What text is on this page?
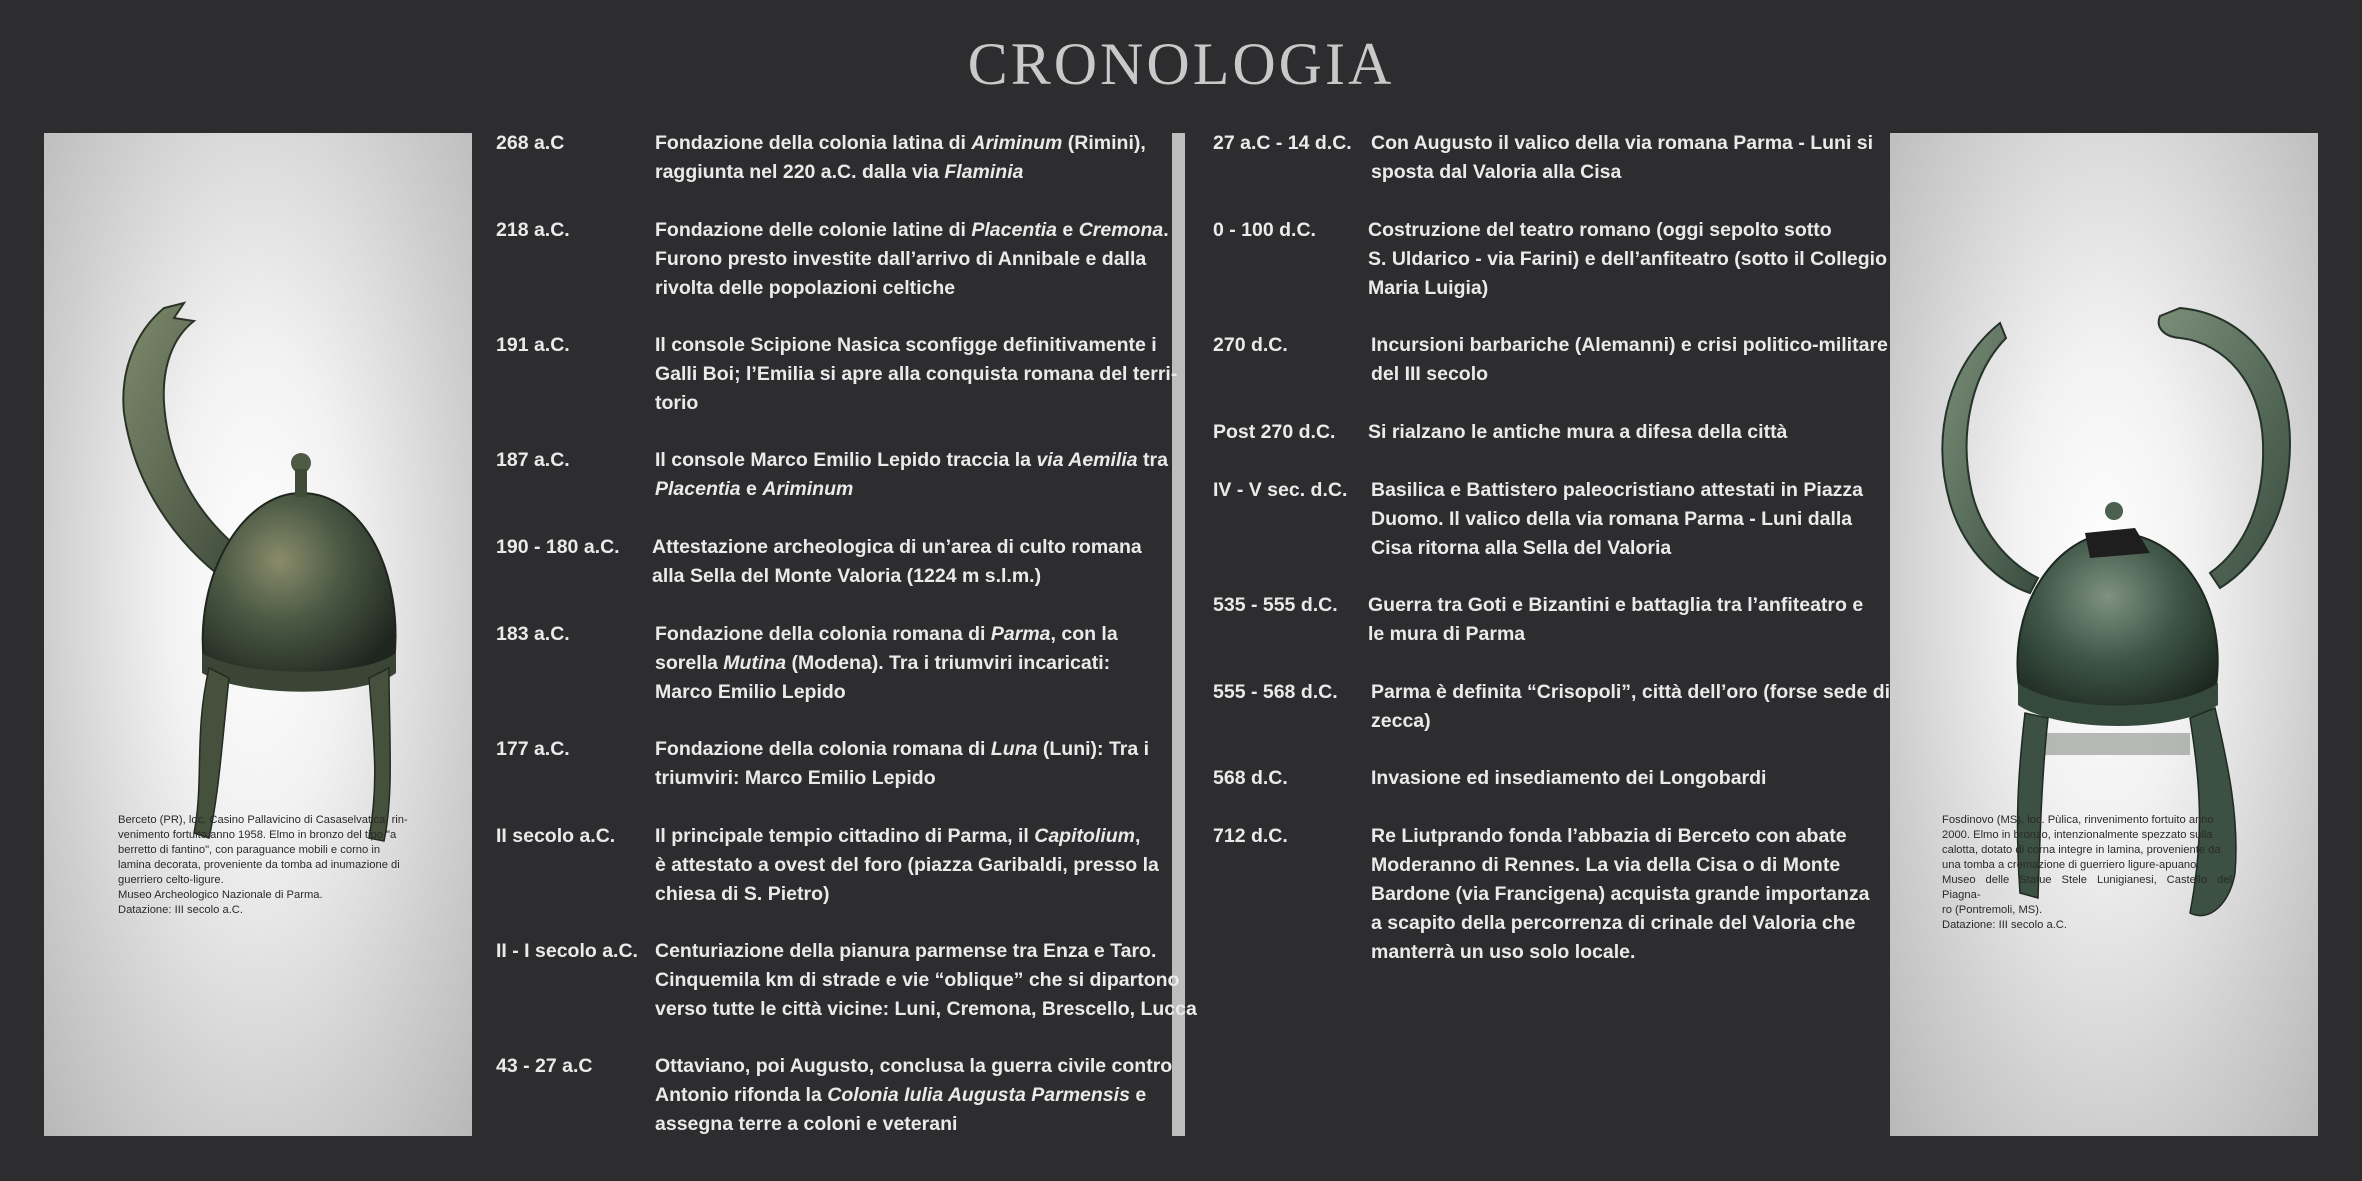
CRONOLOGIA
Berceto (PR), loc. Casino Pallavicino di Casaselvatica, rin-
venimento fortuito anno 1958. Elmo in bronzo del tipo "a
berretto di fantino", con paraguance mobili e corno in
lamina decorata, proveniente da tomba ad inumazione di
guerriero celto-ligure.
Museo Archeologico Nazionale di Parma.
Datazione: III secolo a.C.
Fosdinovo (MS), loc. Pùlica, rinvenimento fortuito anno
2000. Elmo in bronzo, intenzionalmente spezzato sulla
calotta, dotato di corna integre in lamina, proveniente da
una tomba a cremazione di guerriero ligure-apuano.
Museo delle Statue Stele Lunigianesi, Castello del Piagna-
ro (Pontremoli, MS).
Datazione: III secolo a.C.
268 a.C	Fondazione della colonia latina di Ariminum (Rimini),
raggiunta nel 220 a.C. dalla via Flaminia
218 a.C.	Fondazione delle colonie latine di Placentia e Cremona.
Furono presto investite dall’arrivo di Annibale e dalla
rivolta delle popolazioni celtiche
191 a.C.	Il console Scipione Nasica sconfigge definitivamente i
Galli Boi; l’Emilia si apre alla conquista romana del terri-
torio
187 a.C.	Il console Marco Emilio Lepido traccia la via Aemilia tra
Placentia e Ariminum
190 - 180 a.C. Attestazione archeologica di un’area di culto romana
alla Sella del Monte Valoria (1224 m s.l.m.)
183 a.C.	Fondazione della colonia romana di Parma, con la
sorella Mutina (Modena). Tra i triumviri incaricati:
Marco Emilio Lepido
177 a.C.	Fondazione della colonia romana di Luna (Luni): Tra i
triumviri: Marco Emilio Lepido
II secolo a.C. Il principale tempio cittadino di Parma, il Capitolium,
è attestato a ovest del foro (piazza Garibaldi, presso la
chiesa di S. Pietro)
II - I secolo a.C. Centuriazione della pianura parmense tra Enza e Taro.
Cinquemila km di strade e vie “oblique” che si dipartono
verso tutte le città vicine: Luni, Cremona, Brescello, Lucca
43 - 27 a.C	Ottaviano, poi Augusto, conclusa la guerra civile contro
Antonio rifonda la Colonia Iulia Augusta Parmensis e
assegna terre a coloni e veterani
27 a.C - 14 d.C. Con Augusto il valico della via romana Parma - Luni si
sposta dal Valoria alla Cisa
0 - 100 d.C.	Costruzione del teatro romano (oggi sepolto sotto
S. Uldarico - via Farini) e dell’anfiteatro (sotto il Collegio
Maria Luigia)
270 d.C.	Incursioni barbariche (Alemanni) e crisi politico-militare
del III secolo
Post 270 d.C. Si rialzano le antiche mura a difesa della città
IV - V sec. d.C. Basilica e Battistero paleocristiano attestati in Piazza
Duomo. Il valico della via romana Parma - Luni dalla
Cisa ritorna alla Sella del Valoria
535 - 555 d.C. Guerra tra Goti e Bizantini e battaglia tra l’anfiteatro e
le mura di Parma
555 - 568 d.C. Parma è definita “Crisopoli”, città dell’oro (forse sede di
zecca)
568 d.C.	Invasione ed insediamento dei Longobardi
712 d.C.	Re Liutprando fonda l’abbazia di Berceto con abate
Moderanno di Rennes. La via della Cisa o di Monte
Bardone (via Francigena) acquista grande importanza
a scapito della percorrenza di crinale del Valoria che
manterrà un uso solo locale.
